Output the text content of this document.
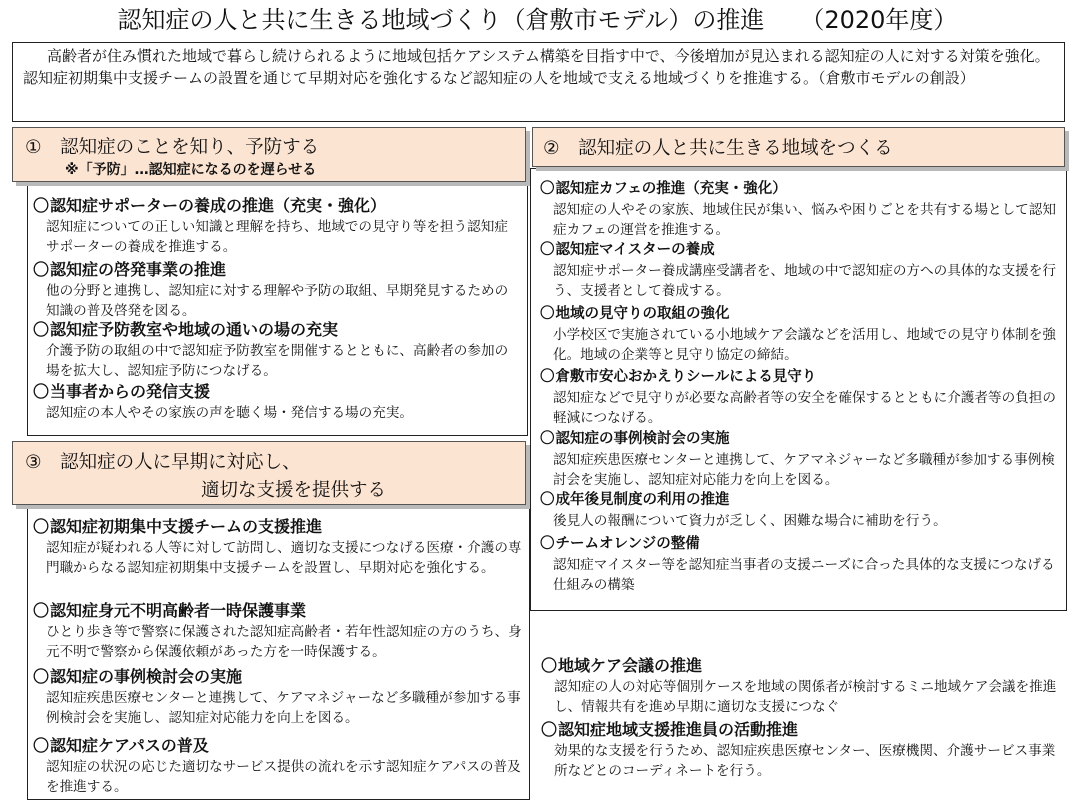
認知症の人と共に生きる地域づくり（倉敷市モデル）の推進 （2020年度）
高齢者が住み慣れた地域で暮らし続けられるように地域包括ケアシステム構築を目指す中で、今後増加が見込まれる認知症の人に対する対策を強化。認知症初期集中支援チームの設置を通じて早期対応を強化するなど認知症の人を地域で支える地域づくりを推進する。（倉敷市モデルの創設）
①　認知症のことを知り、予防する
※「予防」…認知症になるのを遅らせる
〇認知症サポーターの養成の推進（充実・強化）
認知症についての正しい知識と理解を持ち、地域での見守り等を担う認知症サポーターの養成を推進する。
〇認知症の啓発事業の推進
他の分野と連携し、認知症に対する理解や予防の取組、早期発見するための知識の普及啓発を図る。
〇認知症予防教室や地域の通いの場の充実
介護予防の取組の中で認知症予防教室を開催するとともに、高齢者の参加の場を拡大し、認知症予防につなげる。
〇当事者からの発信支援
認知症の本人やその家族の声を聴く場・発信する場の充実。
②　認知症の人と共に生きる地域をつくる
〇認知症カフェの推進（充実・強化）
認知症の人やその家族、地域住民が集い、悩みや困りごとを共有する場として認知症カフェの運営を推進する。
〇認知症マイスターの養成
認知症サポーター養成講座受講者を、地域の中で認知症の方への具体的な支援を行う、支援者として養成する。
〇地域の見守りの取組の強化
小学校区で実施されている小地域ケア会議などを活用し、地域での見守り体制を強化。地域の企業等と見守り協定の締結。
〇倉敷市安心おかえりシールによる見守り
認知症などで見守りが必要な高齢者等の安全を確保するとともに介護者等の負担の軽減につなげる。
〇認知症の事例検討会の実施
認知症疾患医療センターと連携して、ケアマネジャーなど多職種が参加する事例検討会を実施し、認知症対応能力を向上を図る。
〇成年後見制度の利用の推進
後見人の報酬について資力が乏しく、困難な場合に補助を行う。
〇チームオレンジの整備
認知症マイスター等を認知症当事者の支援ニーズに合った具体的な支援につなげる仕組みの構築
③　認知症の人に早期に対応し、
適切な支援を提供する
〇認知症初期集中支援チームの支援推進
認知症が疑われる人等に対して訪問し、適切な支援につなげる医療・介護の専門職からなる認知症初期集中支援チームを設置し、早期対応を強化する。
〇認知症身元不明高齢者一時保護事業
ひとり歩き等で警察に保護された認知症高齢者・若年性認知症の方のうち、身元不明で警察から保護依頼があった方を一時保護する。
〇認知症の事例検討会の実施
認知症疾患医療センターと連携して、ケアマネジャーなど多職種が参加する事例検討会を実施し、認知症対応能力を向上を図る。
〇認知症ケアパスの普及
認知症の状況の応じた適切なサービス提供の流れを示す認知症ケアパスの普及を推進する。
〇地域ケア会議の推進
認知症の人の対応等個別ケースを地域の関係者が検討するミニ地域ケア会議を推進し、情報共有を進め早期に適切な支援につなぐ
〇認知症地域支援推進員の活動推進
効果的な支援を行うため、認知症疾患医療センター、医療機関、介護サービス事業所などとのコーディネートを行う。
